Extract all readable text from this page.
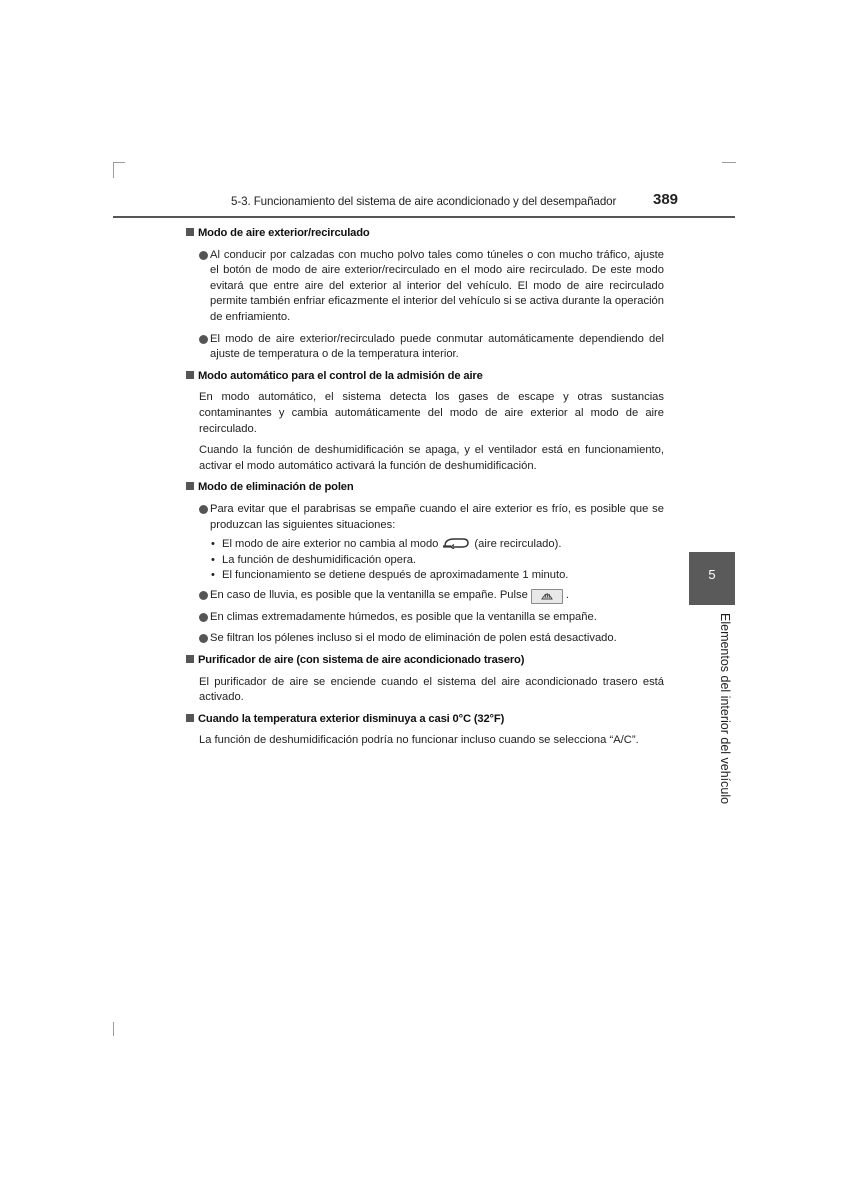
5-3. Funcionamiento del sistema de aire acondicionado y del desempañador 389
5
Elementos del interior del vehículo
Modo de aire exterior/recirculado
Al conducir por calzadas con mucho polvo tales como túneles o con mucho tráfico, ajuste el botón de modo de aire exterior/recirculado en el modo aire recirculado. De este modo evitará que entre aire del exterior al interior del vehículo. El modo de aire recirculado permite también enfriar eficazmente el interior del vehículo si se activa durante la operación de enfriamiento.
El modo de aire exterior/recirculado puede conmutar automáticamente dependiendo del ajuste de temperatura o de la temperatura interior.
Modo automático para el control de la admisión de aire
En modo automático, el sistema detecta los gases de escape y otras sustancias contaminantes y cambia automáticamente del modo de aire exterior al modo de aire recirculado.
Cuando la función de deshumidificación se apaga, y el ventilador está en funcionamiento, activar el modo automático activará la función de deshumidificación.
Modo de eliminación de polen
Para evitar que el parabrisas se empañe cuando el aire exterior es frío, es posible que se produzcan las siguientes situaciones:
• El modo de aire exterior no cambia al modo	(aire recirculado).
• La función de deshumidificación opera.
• El funcionamiento se detiene después de aproximadamente 1 minuto.
En caso de lluvia, es posible que la ventanilla se empañe. Pulse	.
En climas extremadamente húmedos, es posible que la ventanilla se empañe.
Se filtran los pólenes incluso si el modo de eliminación de polen está desactivado.
Purificador de aire (con sistema de aire acondicionado trasero)
El purificador de aire se enciende cuando el sistema del aire acondicionado trasero está activado.
Cuando la temperatura exterior disminuya a casi 0°C (32°F)
La función de deshumidificación podría no funcionar incluso cuando se selecciona “A/C”.
